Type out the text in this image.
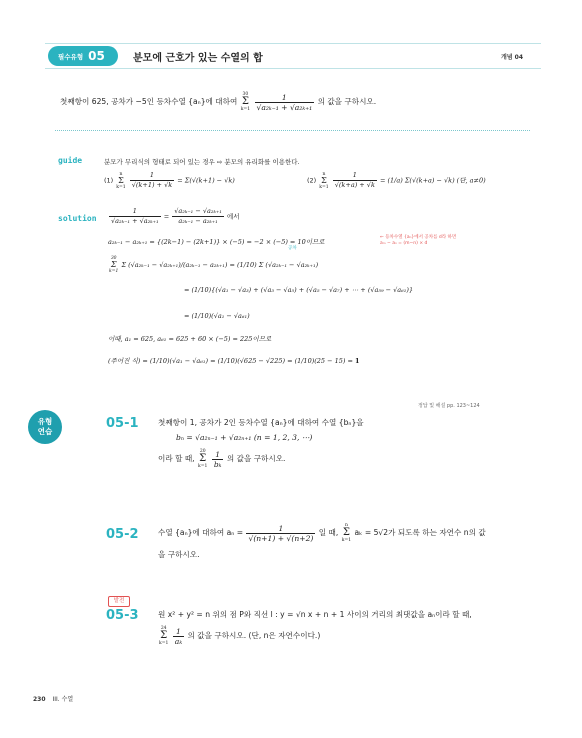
필수유형 05	분모에 근호가 있는 수열의 합	개념 04
첫째항이 625, 공차가 −5인 등차수열 {aₙ}에 대하여
30
Σ
k=1
$\frac{1}{\text{√a₂ₖ₋₁ + √a₂ₖ₊₁}}$ 의 값을 구하시오.
guide	분모가 무리식의 형태로 되어 있는 경우 ⇨ 분모의 유리화를 이용한다.
(1)
n
Σ
k=1
$\frac{1}{√(k+1) + √k} = \Sigma(√(k+1) - √k)$	(2)
n
Σ
k=1
$\frac{1}{√(k+a) + √k} = (1/a) \Sigma(√(k+a) - √k)$ (단, a≠0)
solution $\frac{1}{\text{√a₂ₖ₋₁ + √a₂ₖ₊₁}} = \frac{\text{√a₂ₖ₋₁ − √a₂ₖ₊₁}}{\text{a₂ₖ₋₁ − a₂ₖ₊₁}}$ 에서
a₂ₖ₋₁ − a₂ₖ₊₁ = {(2k−1) − (2k+1)} × (−5) = −2 × (−5) = 10이므로
공차
← 등차수열 {aₙ}에서 공차를 d라 하면
aₘ − aₙ = (m−n) × d
30
Σ
k=1
Σ (√a₂ₖ₋₁ − √a₂ₖ₊₁)/(a₂ₖ₋₁ − a₂ₖ₊₁) = (1/10) Σ (√a₂ₖ₋₁ − √a₂ₖ₊₁)
= (1/10){(√a₁ − √a₃) + (√a₃ − √a₅) + (√a₅ − √a₇) + ⋯ + (√a₅₉ − √a₆₁)}
= (1/10)(√a₁ − √a₆₁)
이때, a₁ = 625, a₆₁ = 625 + 60 × (−5) = 225이므로
(주어진 식) = (1/10)(√a₁ − √a₆₁) = (1/10)(√625 − √225) = (1/10)(25 − 15) = 1
정답 및 해설 pp. 123~124
유형
연습
05-1	첫째항이 1, 공차가 2인 등차수열 {aₙ}에 대하여 수열 {bₙ}을
bₙ = √a₂ₙ₋₁ + √a₂ₙ₊₁ (n = 1, 2, 3, ⋯)
이라 할 때,
20
Σ
k=1
$\frac{1}{\text{bₖ}}$ 의 값을 구하시오.
05-2	수열 {aₙ}에 대하여 $a_n = \frac{1}{√(n+1) + √(n+2)}$ 일 때,
n
Σ
k=1
aₖ = 5√2가 되도록 하는 자연수 n의 값
을 구하시오.
발전
05-3	원 x² + y² = n 위의 점 P와 직선 l : y = √n x + n + 1 사이의 거리의 최댓값을 aₙ이라 할 때,
24
Σ
k=1
$\frac{1}{\text{aₖ}}$ 의 값을 구하시오. (단, n은 자연수이다.)
230 III. 수열
